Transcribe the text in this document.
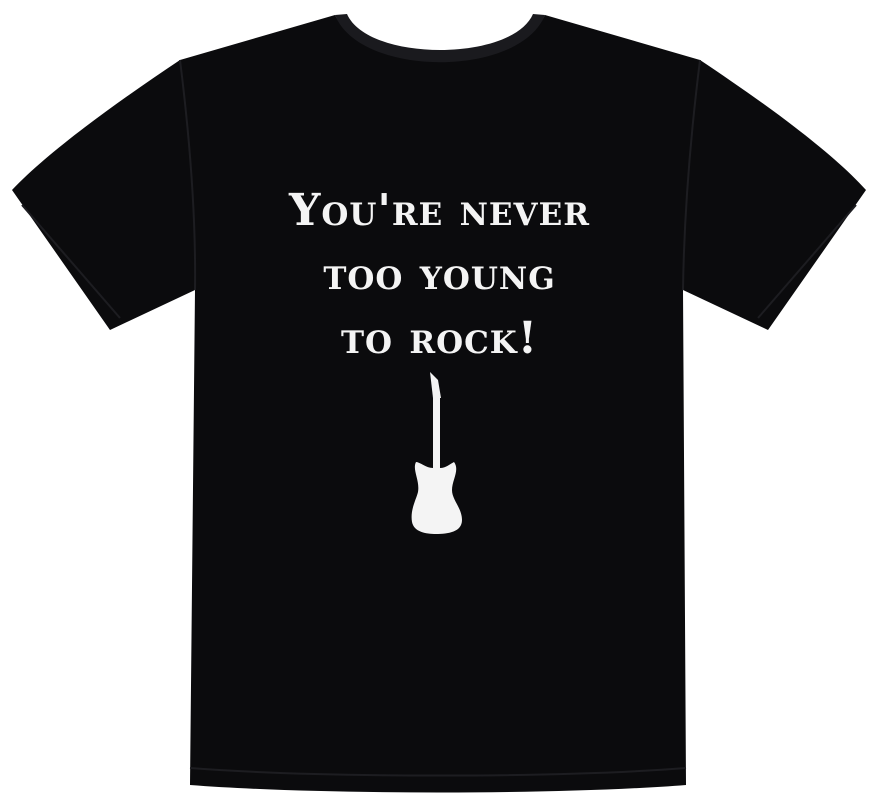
You're never
too young
to rock!
